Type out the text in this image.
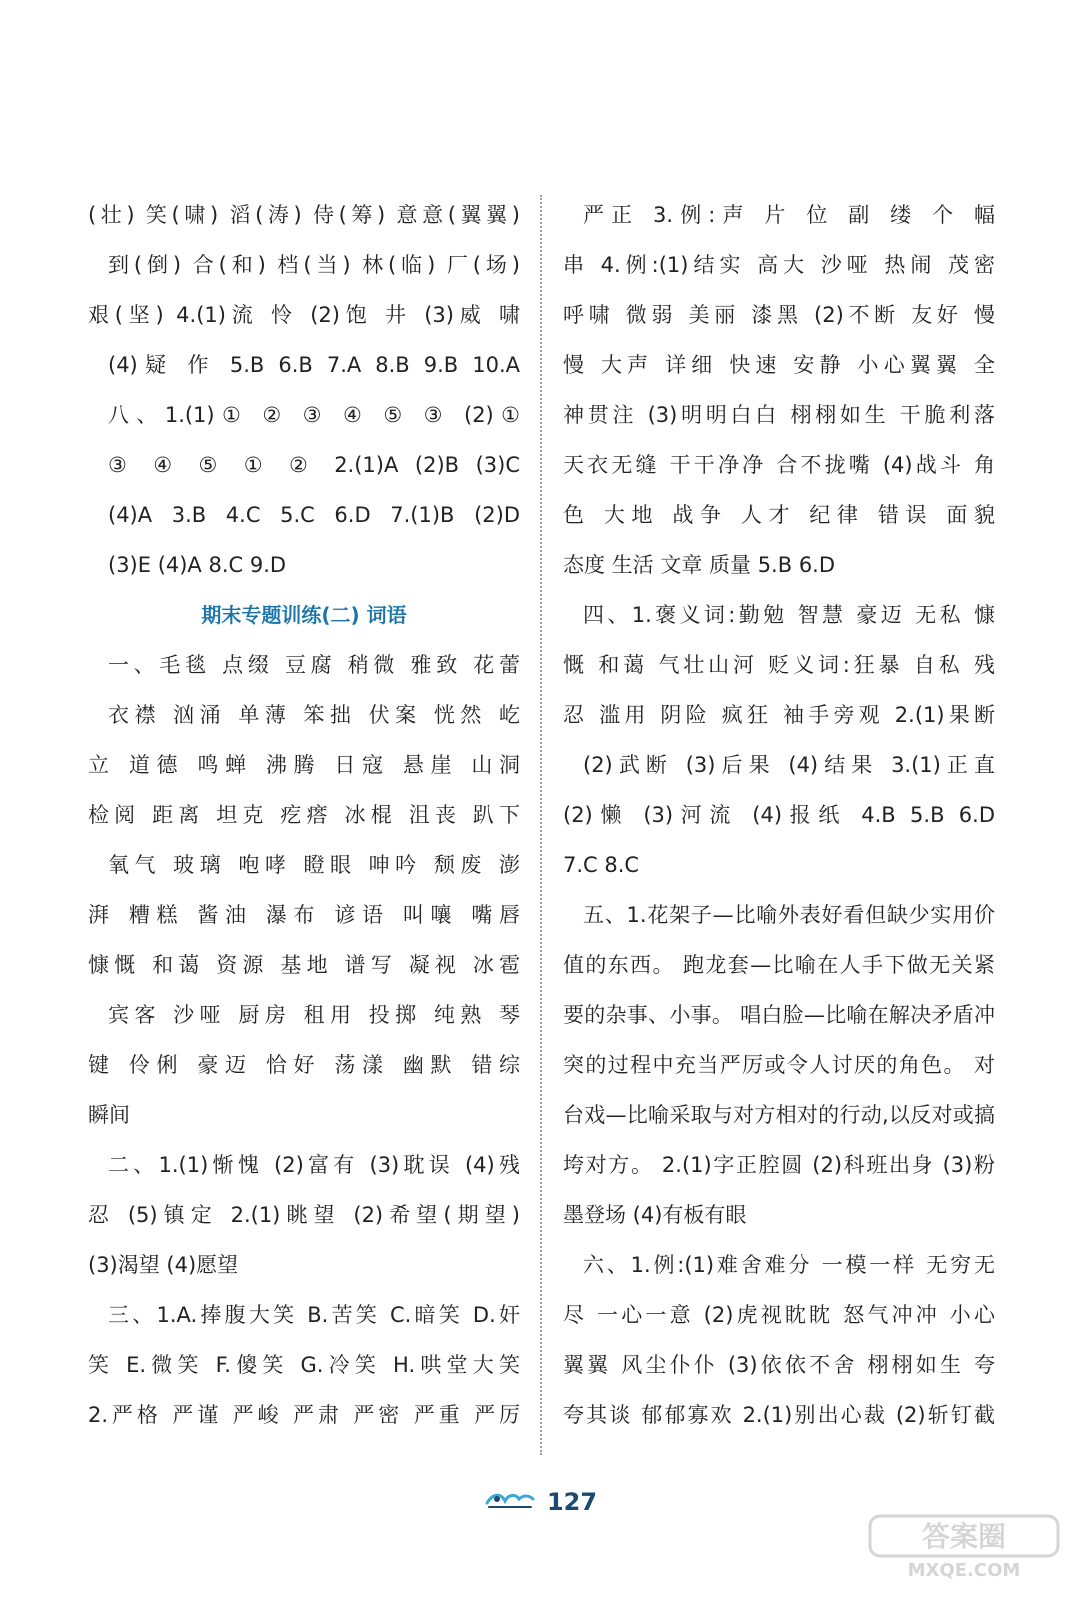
(壮) 笑(啸) 滔(涛) 侍(筹) 意意(翼翼)
到(倒) 合(和) 档(当) 林(临) 厂(场)
艰(坚) 4.(1)流 怜 (2)饱 井 (3)威 啸
(4)疑 作 5.B 6.B 7.A 8.B 9.B 10.A
八、1.(1)① ② ③ ④ ⑤ ③ (2)①
③ ④ ⑤ ① ② 2.(1)A (2)B (3)C
(4)A 3.B 4.C 5.C 6.D 7.(1)B (2)D
(3)E (4)A 8.C 9.D
期末专题训练(二) 词语
一、毛毯 点缀 豆腐 稍微 雅致 花蕾
衣襟 汹涌 单薄 笨拙 伏案 恍然 屹
立 道德 鸣蝉 沸腾 日寇 悬崖 山洞
检阅 距离 坦克 疙瘩 冰棍 沮丧 趴下
氧气 玻璃 咆哮 瞪眼 呻吟 颓废 澎
湃 糟糕 酱油 瀑布 谚语 叫嚷 嘴唇
慷慨 和蔼 资源 基地 谱写 凝视 冰雹
宾客 沙哑 厨房 租用 投掷 纯熟 琴
键 伶俐 豪迈 恰好 荡漾 幽默 错综
瞬间
二、1.(1)惭愧 (2)富有 (3)耽误 (4)残
忍 (5)镇定 2.(1)眺望 (2)希望(期望)
(3)渴望 (4)愿望
三、1.A.捧腹大笑 B.苦笑 C.暗笑 D.奸
笑 E.微笑 F.傻笑 G.冷笑 H.哄堂大笑
2.严格 严谨 严峻 严肃 严密 严重 严厉
严正 3.例:声 片 位 副 缕 个 幅
串 4.例:(1)结实 高大 沙哑 热闹 茂密
呼啸 微弱 美丽 漆黑 (2)不断 友好 慢
慢 大声 详细 快速 安静 小心翼翼 全
神贯注 (3)明明白白 栩栩如生 干脆利落
天衣无缝 干干净净 合不拢嘴 (4)战斗 角
色 大地 战争 人才 纪律 错误 面貌
态度 生活 文章 质量 5.B 6.D
四、1.褒义词:勤勉 智慧 豪迈 无私 慷
慨 和蔼 气壮山河 贬义词:狂暴 自私 残
忍 滥用 阴险 疯狂 袖手旁观 2.(1)果断
(2)武断 (3)后果 (4)结果 3.(1)正直
(2)懒 (3)河流 (4)报纸 4.B 5.B 6.D
7.C 8.C
五、1.花架子—比喻外表好看但缺少实用价
值的东西。 跑龙套—比喻在人手下做无关紧
要的杂事、小事。 唱白脸—比喻在解决矛盾冲
突的过程中充当严厉或令人讨厌的角色。 对
台戏—比喻采取与对方相对的行动,以反对或搞
垮对方。 2.(1)字正腔圆 (2)科班出身 (3)粉
墨登场 (4)有板有眼
六、1.例:(1)难舍难分 一模一样 无穷无
尽 一心一意 (2)虎视眈眈 怒气冲冲 小心
翼翼 风尘仆仆 (3)依依不舍 栩栩如生 夸
夸其谈 郁郁寡欢 2.(1)别出心裁 (2)斩钉截
127
答案圈
MXQE.COM
